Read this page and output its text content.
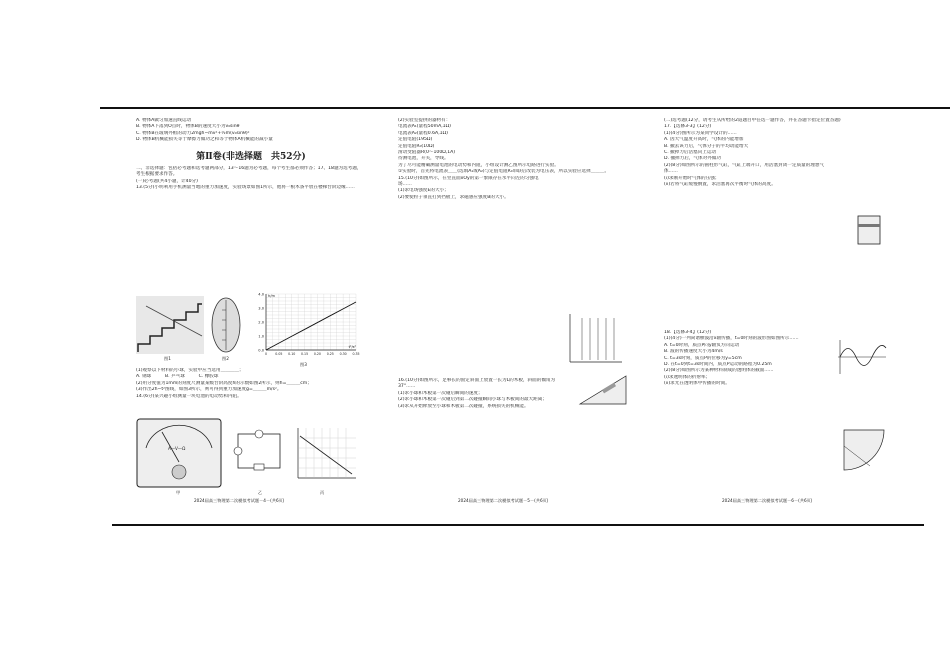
A. 物体A做匀加速直线运动

B. 物体A下落到O点时，物体B的速度大小为v₀sinθ

C. 物体B在玻璃外框的动力2mgh−mv²+½m(v₀sinθ)²

D. 物体B机械能损失等于摩擦力做功之和等于物体A机械能的减小量

第Ⅱ卷(非选择题　共52分)

二、非选择题：包括必考题和选考题两部分，13～16题为必考题，每个考生都必须作答；17、18题为选考题，考生根据要求作答。

(一)必考题(共4小题，计40分)

13.(5分)小明利用手机测量当地的重力加速度，实验场景如图1所示，他将一根木条平放在楼梯台阶边缘……

图1	图2
0.0
1.0
2.0
3.0
4.0
0	0.05 0.10 0.15 0.20 0.25 0.30 0.35
h/m
t²/s²
图3

(1)观察以下材料的小球，实验中应当选用＿＿＿＿；

A. 钢球　　　B. 乒乓球　　　C. 橡胶球

(2)用分度值为1mm的刻度尺测量某级台阶高度h的示数如图2所示，则h=＿＿＿cm；

(3)作出2h−t²图线，如图3所示，则可得到重力加速度g=＿＿＿m/s²。

14.(6分)某兴趣小组测量一块电池的电动势和内阻。

A—V—Ω
甲	乙	丙
2024届高三物理第二次模拟考试题－4－(共6页)

(2)实验室提供的器材有：

电流表A₁(量程50mA,1Ω)

电流表A₂(量程0.6A,1Ω)

定值电阻(195Ω)

定值电阻R₀(10Ω)

滑动变阻器R(0～100Ω,1A)

待测电池，开关，导线。

为了尽可能精确测量电池的电动势和内阻，小组设计测乙图所示电路进行实验。

①实验时，首先将电流表＿＿(选填A₁或A₂)与定值电阻R₀串联后改装为电压表，所以实验应选择＿＿＿。

15.(10分)如图所示，在竖直面xOy的第一象限存在水平向左的匀强电场……

(1)求电场强度E的大小；

(2)要使粒子垂直打到挡板上，求磁感应强度B的大小。

16.(10分)如图所示，足够长的固定斜面上放置一长为L的木板，斜面的倾角为37°……

(1)求小球和木板第一次碰后瞬间的速度；

(2)求小球和木板第一次碰后到第二次碰撞瞬间小球与木板间的最大距离；

(3)求从开始释放至小球和木板第二次碰撞，系统损失的机械能。

2024届高三物理第二次模拟考试题－5－(共6页)

(二)选考题(12分，请考生从所给的2道题目中任选一题作答，并在答题卡指定位置答题)

17.【选修3-3】(12分)

(1)(4分)图所示为某同学设计的……

A. 因大气温度升高时，气体的内能增加

B. 撤去该力后，气体分子的平均动能增大

C. 撤掉力后活塞向上运动

D. 撤掉力后，气体对外做功

(2)(8分)如图所示的圆柱形气缸，气缸上端开口，用活塞封闭一定质量的理想气体……

(i)求刚开始时气体的压强；

(ii)若将气缸缓慢倒置，求活塞再次平衡时气体的高度。

18.【选修3-4】(12分)

(1)(4分)一列简谐横波沿x轴传播，t=0时刻的波形图如图所示……

A. t=0时刻，质点P向y轴负方向运动

B. 波的传播速度大小为4m/s

C. t=3s时刻，质点P的位移为y=5cm

D. 在t=0到t=3s时间内，质点P运动的路程为0.25m

(2)(8分)如图所示为某种材料制成的透明体的截面……

(i)求透明体的折射率；

(ii)求光在透明体中传播的时间。

2024届高三物理第二次模拟考试题－6－(共6页)
